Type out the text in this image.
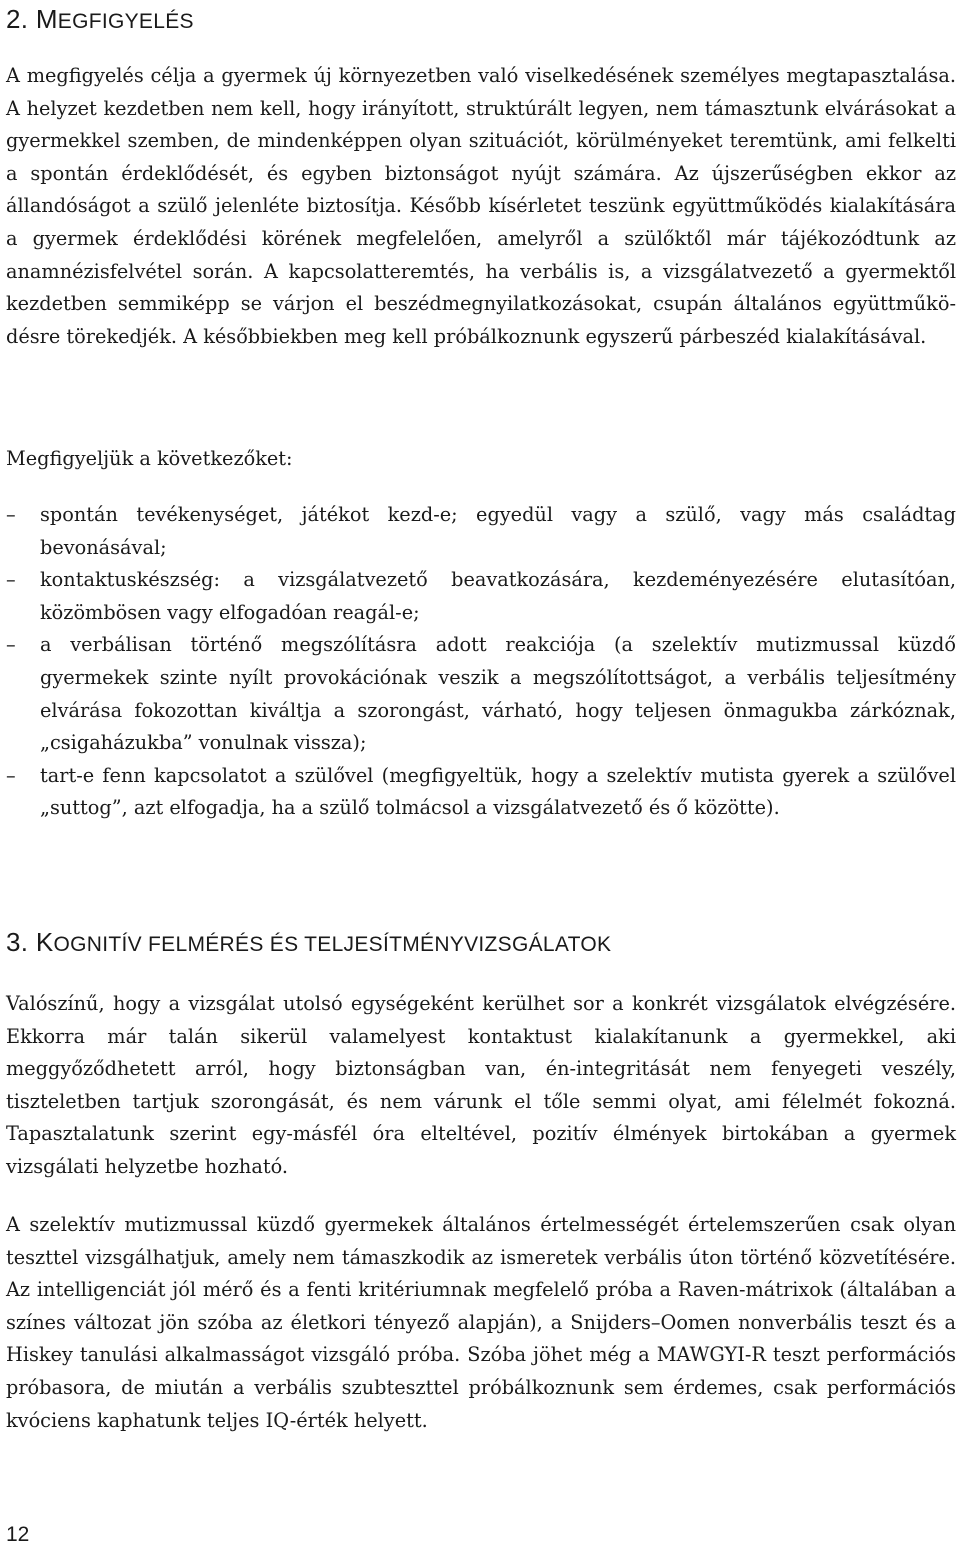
2. MEGFIGYELÉS

A megfigyelés célja a gyermek új környezetben való viselkedésének személyes megtapasztalása. A helyzet kezdetben nem kell, hogy irányított, struktúrált legyen, nem támasztunk elvárásokat a gyermekkel szemben, de mindenképpen olyan szituációt, körülményeket teremtünk, ami felkelti a spontán érdeklődését, és egyben biztonságot nyújt számára. Az újszerűségben ekkor az állandóságot a szülő jelenléte biztosítja. Később kísérletet teszünk együttműködés kialakítására a gyermek érdeklődési körének megfelelően, amelyről a szülőktől már tájékozódtunk az anamnézisfelvétel során. A kapcsolatteremtés, ha verbális is, a vizsgálatvezető a gyermektől kezdetben semmiképp se várjon el beszédmegnyilatkozásokat, csupán általános együttműködésre törekedjék. A későbbiekben meg kell próbálkoznunk egyszerű párbeszéd kialakításával.

Megfigyeljük a következőket:

–	spontán tevékenységet, játékot kezd-e; egyedül vagy a szülő, vagy más családtag bevonásával;
–	kontaktuskészség: a vizsgálatvezető beavatkozására, kezdeményezésére elutasítóan, közömbösen vagy elfogadóan reagál-e;
–	a verbálisan történő megszólításra adott reakciója (a szelektív mutizmussal küzdő gyermekek szinte nyílt provokációnak veszik a megszólítottságot, a verbális teljesítmény elvárása fokozottan kiváltja a szorongást, várható, hogy teljesen önmagukba zárkóznak, „csigaházukba” vonulnak vissza);
–	tart-e fenn kapcsolatot a szülővel (megfigyeltük, hogy a szelektív mutista gyerek a szülővel „suttog”, azt elfogadja, ha a szülő tolmácsol a vizsgálatvezető és ő közötte).
3. KOGNITÍV FELMÉRÉS ÉS TELJESÍTMÉNYVIZSGÁLATOK

Valószínű, hogy a vizsgálat utolsó egységeként kerülhet sor a konkrét vizsgálatok elvégzésére. Ekkorra már talán sikerül valamelyest kontaktust kialakítanunk a gyermekkel, aki meggyőződhetett arról, hogy biztonságban van, én-integritását nem fenyegeti veszély, tiszteletben tartjuk szorongását, és nem várunk el tőle semmi olyat, ami félelmét fokozná. Tapasztalatunk szerint egy-másfél óra elteltével, pozitív élmények birtokában a gyermek vizsgálati helyzetbe hozható.

A szelektív mutizmussal küzdő gyermekek általános értelmességét értelemszerűen csak olyan teszttel vizsgálhatjuk, amely nem támaszkodik az ismeretek verbális úton történő közvetítésére. Az intelligenciát jól mérő és a fenti kritériumnak megfelelő próba a Raven-mátrixok (általában a színes változat jön szóba az életkori tényező alapján), a Snijders–Oomen nonverbális teszt és a Hiskey tanulási alkalmasságot vizsgáló próba. Szóba jöhet még a MAWGYI-R teszt performációs próbasora, de miután a verbális szubteszttel próbálkoznunk sem érdemes, csak performációs kvóciens kaphatunk teljes IQ-érték helyett.

12
